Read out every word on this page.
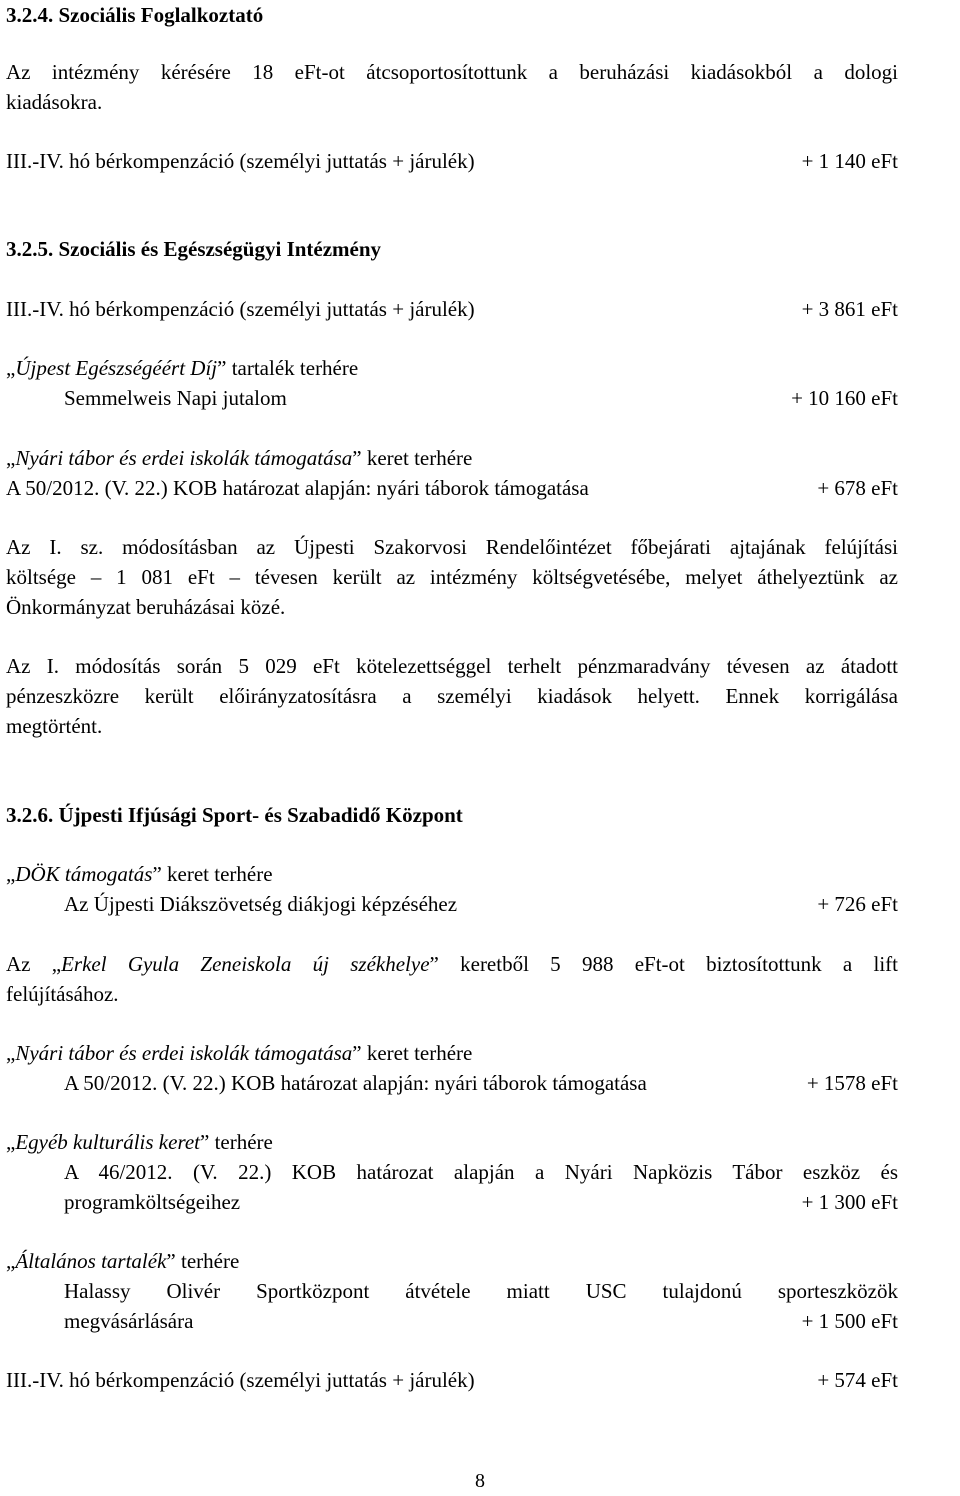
3.2.4. Szociális Foglalkoztató
Az intézmény kérésére 18 eFt-ot átcsoportosítottunk a beruházási kiadásokból a dologi
kiadásokra.
III.-IV. hó bérkompenzáció (személyi juttatás + járulék)	+ 1 140 eFt
3.2.5. Szociális és Egészségügyi Intézmény
III.-IV. hó bérkompenzáció (személyi juttatás + járulék)	+ 3 861 eFt
„Újpest Egészségéért Díj” tartalék terhére
Semmelweis Napi jutalom	+ 10 160 eFt
„Nyári tábor és erdei iskolák támogatása” keret terhére
A 50/2012. (V. 22.) KOB határozat alapján: nyári táborok támogatása	+ 678 eFt
Az I. sz. módosításban az Újpesti Szakorvosi Rendelőintézet főbejárati ajtajának felújítási
költsége – 1 081 eFt – tévesen került az intézmény költségvetésébe, melyet áthelyeztünk az
Önkormányzat beruházásai közé.
Az I. módosítás során 5 029 eFt kötelezettséggel terhelt pénzmaradvány tévesen az átadott
pénzeszközre került előirányzatosításra a személyi kiadások helyett. Ennek korrigálása
megtörtént.
3.2.6. Újpesti Ifjúsági Sport- és Szabadidő Központ
„DÖK támogatás” keret terhére
Az Újpesti Diákszövetség diákjogi képzéséhez	+ 726 eFt
Az „Erkel Gyula Zeneiskola új székhelye” keretből 5 988 eFt-ot biztosítottunk a lift
felújításához.
„Nyári tábor és erdei iskolák támogatása” keret terhére
A 50/2012. (V. 22.) KOB határozat alapján: nyári táborok támogatása	+ 1578 eFt
„Egyéb kulturális keret” terhére
A 46/2012. (V. 22.) KOB határozat alapján a Nyári Napközis Tábor eszköz és
programköltségeihez	+ 1 300 eFt
„Általános tartalék” terhére
Halassy Olivér Sportközpont átvétele miatt USC tulajdonú sporteszközök
megvásárlására	+ 1 500 eFt
III.-IV. hó bérkompenzáció (személyi juttatás + járulék)	+ 574 eFt
8
